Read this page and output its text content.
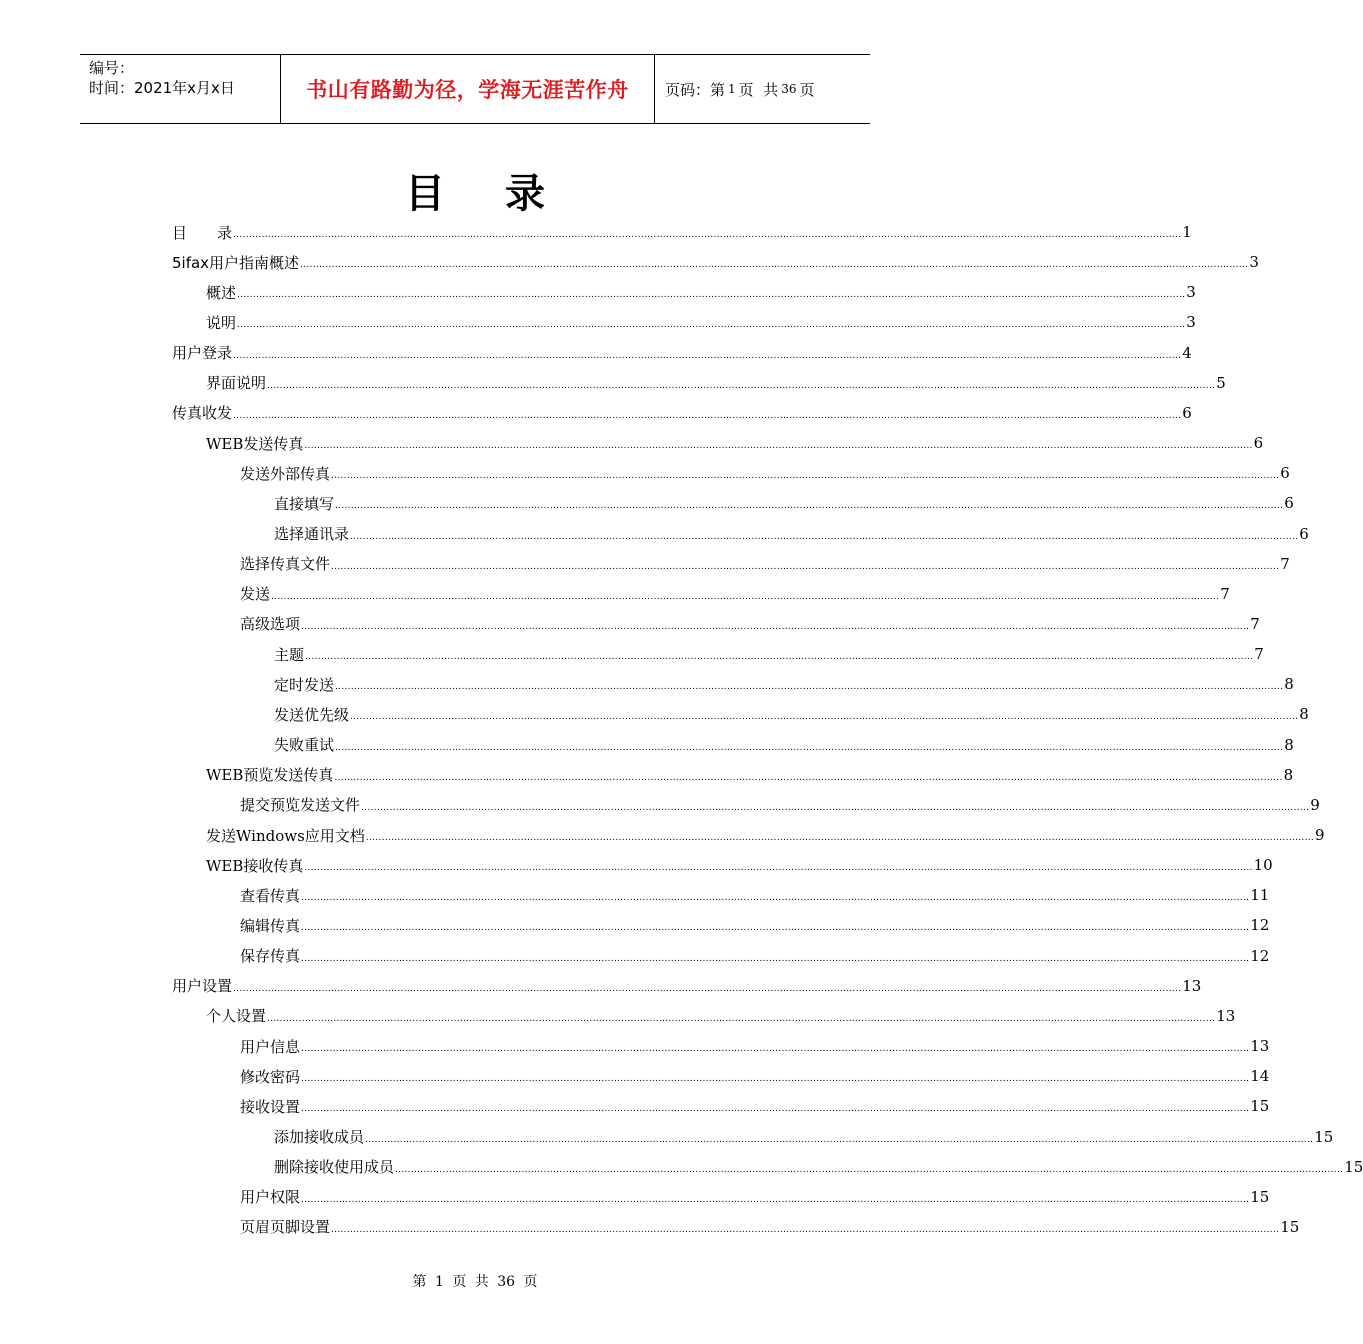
编号：
时间：2021年x月x日	书山有路勤为径，学海无涯苦作舟	页码：第 1 页  共 36 页
目录
目　　录 ............................................................................................................................................................................................................................................................................................................ 1
5ifax用户指南概述 ............................................................................................................................................................................................................................................................................................................ 3
概述 ............................................................................................................................................................................................................................................................................................................ 3
说明 ............................................................................................................................................................................................................................................................................................................ 3
用户登录 ............................................................................................................................................................................................................................................................................................................ 4
界面说明 ............................................................................................................................................................................................................................................................................................................ 5
传真收发 ............................................................................................................................................................................................................................................................................................................ 6
WEB发送传真 ............................................................................................................................................................................................................................................................................................................ 6
发送外部传真 ............................................................................................................................................................................................................................................................................................................ 6
直接填写 ............................................................................................................................................................................................................................................................................................................ 6
选择通讯录 ............................................................................................................................................................................................................................................................................................................ 6
选择传真文件 ............................................................................................................................................................................................................................................................................................................ 7
发送 ............................................................................................................................................................................................................................................................................................................ 7
高级选项 ............................................................................................................................................................................................................................................................................................................ 7
主题 ............................................................................................................................................................................................................................................................................................................ 7
定时发送 ............................................................................................................................................................................................................................................................................................................ 8
发送优先级 ............................................................................................................................................................................................................................................................................................................ 8
失败重试 ............................................................................................................................................................................................................................................................................................................ 8
WEB预览发送传真 ............................................................................................................................................................................................................................................................................................................ 8
提交预览发送文件 ............................................................................................................................................................................................................................................................................................................ 9
发送Windows应用文档 ............................................................................................................................................................................................................................................................................................................ 9
WEB接收传真 ............................................................................................................................................................................................................................................................................................................ 10
查看传真 ............................................................................................................................................................................................................................................................................................................ 11
编辑传真 ............................................................................................................................................................................................................................................................................................................ 12
保存传真 ............................................................................................................................................................................................................................................................................................................ 12
用户设置 ............................................................................................................................................................................................................................................................................................................ 13
个人设置 ............................................................................................................................................................................................................................................................................................................ 13
用户信息 ............................................................................................................................................................................................................................................................................................................ 13
修改密码 ............................................................................................................................................................................................................................................................................................................ 14
接收设置 ............................................................................................................................................................................................................................................................................................................ 15
添加接收成员 ............................................................................................................................................................................................................................................................................................................ 15
删除接收使用成员 ............................................................................................................................................................................................................................................................................................................ 15
用户权限 ............................................................................................................................................................................................................................................................................................................ 15
页眉页脚设置 ............................................................................................................................................................................................................................................................................................................ 15
第 1 页 共 36 页
